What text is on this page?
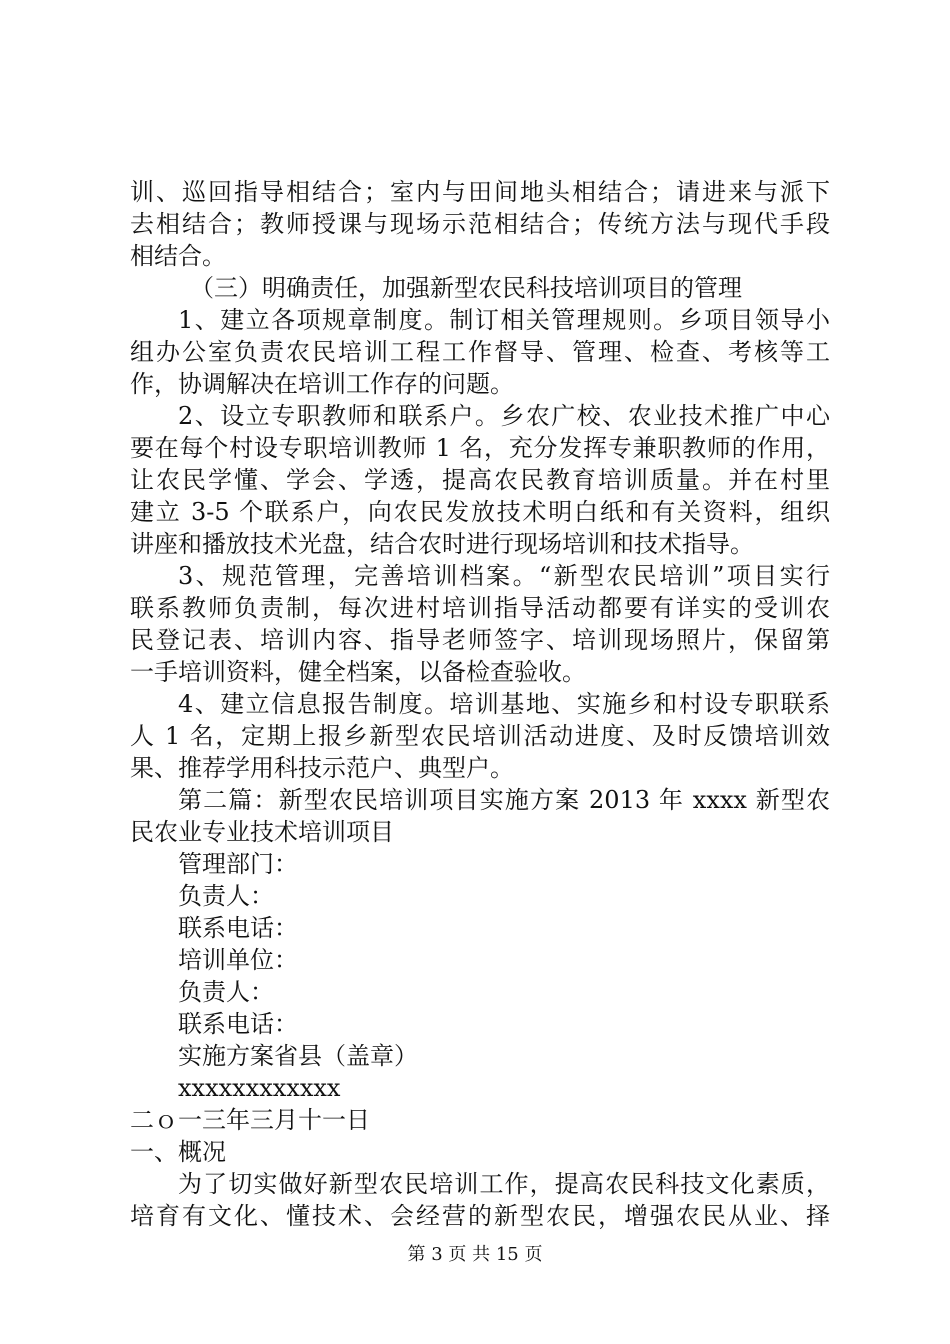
训、巡回指导相结合；室内与田间地头相结合；请进来与派下
去相结合；教师授课与现场示范相结合；传统方法与现代手段
相结合。
（三）明确责任，加强新型农民科技培训项目的管理
1、建立各项规章制度。制订相关管理规则。乡项目领导小
组办公室负责农民培训工程工作督导、管理、检查、考核等工
作，协调解决在培训工作存的问题。
2、设立专职教师和联系户。乡农广校、农业技术推广中心
要在每个村设专职培训教师 1 名，充分发挥专兼职教师的作用，
让农民学懂、学会、学透，提高农民教育培训质量。并在村里
建立 3-5 个联系户，向农民发放技术明白纸和有关资料，组织
讲座和播放技术光盘，结合农时进行现场培训和技术指导。
3、规范管理，完善培训档案。“新型农民培训”项目实行
联系教师负责制，每次进村培训指导活动都要有详实的受训农
民登记表、培训内容、指导老师签字、培训现场照片，保留第
一手培训资料，健全档案，以备检查验收。
4、建立信息报告制度。培训基地、实施乡和村设专职联系
人 1 名，定期上报乡新型农民培训活动进度、及时反馈培训效
果、推荐学用科技示范户、典型户。
第二篇：新型农民培训项目实施方案 2013 年 xxxx 新型农
民农业专业技术培训项目
管理部门：
负责人：
联系电话：
培训单位：
负责人：
联系电话：
实施方案省县（盖章）
xxxxxxxxxxxx
二ｏ一三年三月十一日
一、概况
为了切实做好新型农民培训工作，提高农民科技文化素质，
培育有文化、懂技术、会经营的新型农民，增强农民从业、择
第 3 页 共 15 页
